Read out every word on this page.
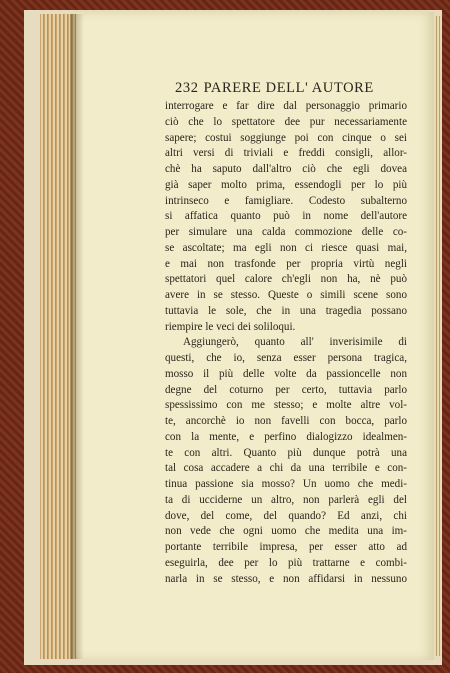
232 PARERE DELL' AUTORE
interrogare e far dire dal personaggio primario
ciò che lo spettatore dee pur necessariamente
sapere; costui soggiunge poi con cinque o sei
altri versi di triviali e freddi consigli, allor-
chè ha saputo dall'altro ciò che egli dovea
già saper molto prima, essendogli per lo più
intrinseco e famigliare. Codesto subalterno
si affatica quanto può in nome dell'autore
per simulare una calda commozione delle co-
se ascoltate; ma egli non ci riesce quasi mai,
e mai non trasfonde per propria virtù negli
spettatori quel calore ch'egli non ha, nè può
avere in se stesso. Queste o simili scene sono
tuttavia le sole, che in una tragedia possano
riempire le veci dei soliloqui.
Aggiungerò, quanto all' inverisimile di
questi, che io, senza esser persona tragica,
mosso il più delle volte da passioncelle non
degne del coturno per certo, tuttavia parlo
spessissimo con me stesso; e molte altre vol-
te, ancorchè io non favelli con bocca, parlo
con la mente, e perfino dialogizzo idealmen-
te con altri. Quanto più dunque potrà una
tal cosa accadere a chi da una terribile e con-
tinua passione sia mosso? Un uomo che medi-
ta di ucciderne un altro, non parlerà egli del
dove, del come, del quando? Ed anzi, chi
non vede che ogni uomo che medita una im-
portante terribile impresa, per esser atto ad
eseguirla, dee per lo più trattarne e combi-
narla in se stesso, e non affidarsi in nessuno
